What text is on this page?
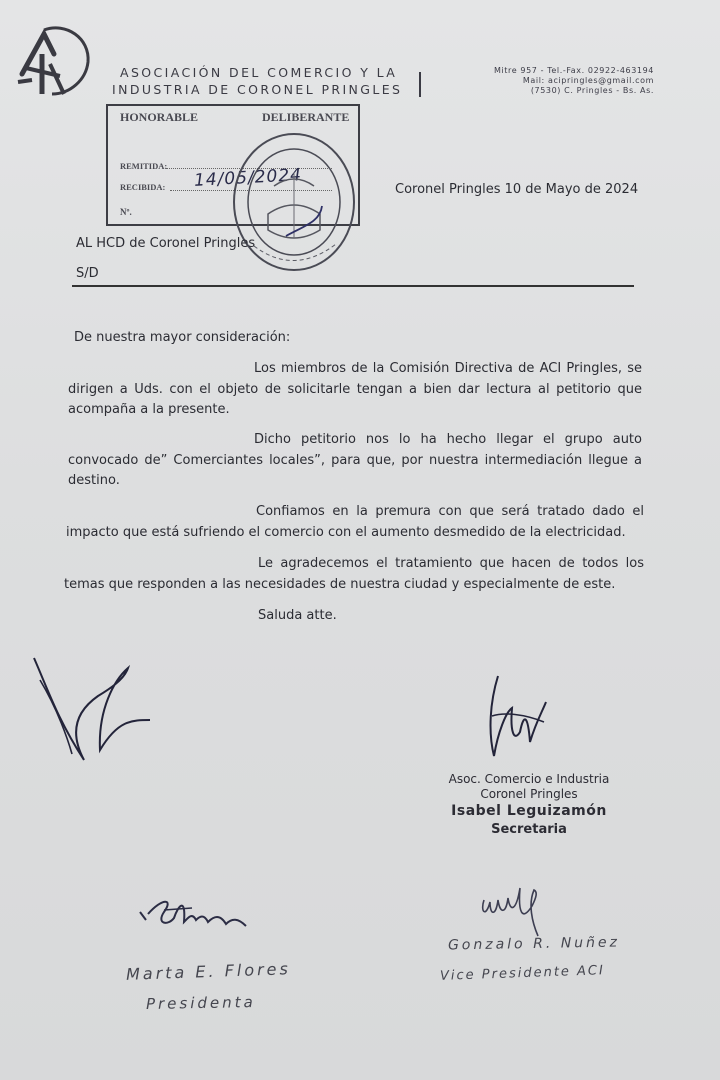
ASOCIACIÓN DEL COMERCIO Y LA
INDUSTRIA DE CORONEL PRINGLES

Mitre 957 - Tel.-Fax. 02922-463194
Mail: acipringles@gmail.com
(7530) C. Pringles - Bs. As.

HONORABLE	DELIBERANTE
REMITIDA:
RECIBIDA: 14/05/2024
Nº.
Coronel Pringles 10 de Mayo de 2024
AL HCD de Coronel Pringles
S/D
De nuestra mayor consideración:

Los miembros de la Comisión Directiva de ACI Pringles, se dirigen a Uds. con el objeto de solicitarle tengan a bien dar lectura al petitorio que acompaña a la presente.

Dicho petitorio nos lo ha hecho llegar el grupo auto convocado de” Comerciantes locales”, para que, por nuestra intermediación llegue a destino.

Confiamos en la premura con que será tratado dado el impacto que está sufriendo el comercio con el aumento desmedido de la electricidad.

Le agradecemos el tratamiento que hacen de todos los temas que responden a las necesidades de nuestra ciudad y especialmente de este.

Saluda atte.
Asoc. Comercio e Industria
Coronel Pringles
Isabel Leguizamón
Secretaria
Marta E. Flores
Presidenta
Gonzalo R. Nuñez
Vice Presidente ACI
